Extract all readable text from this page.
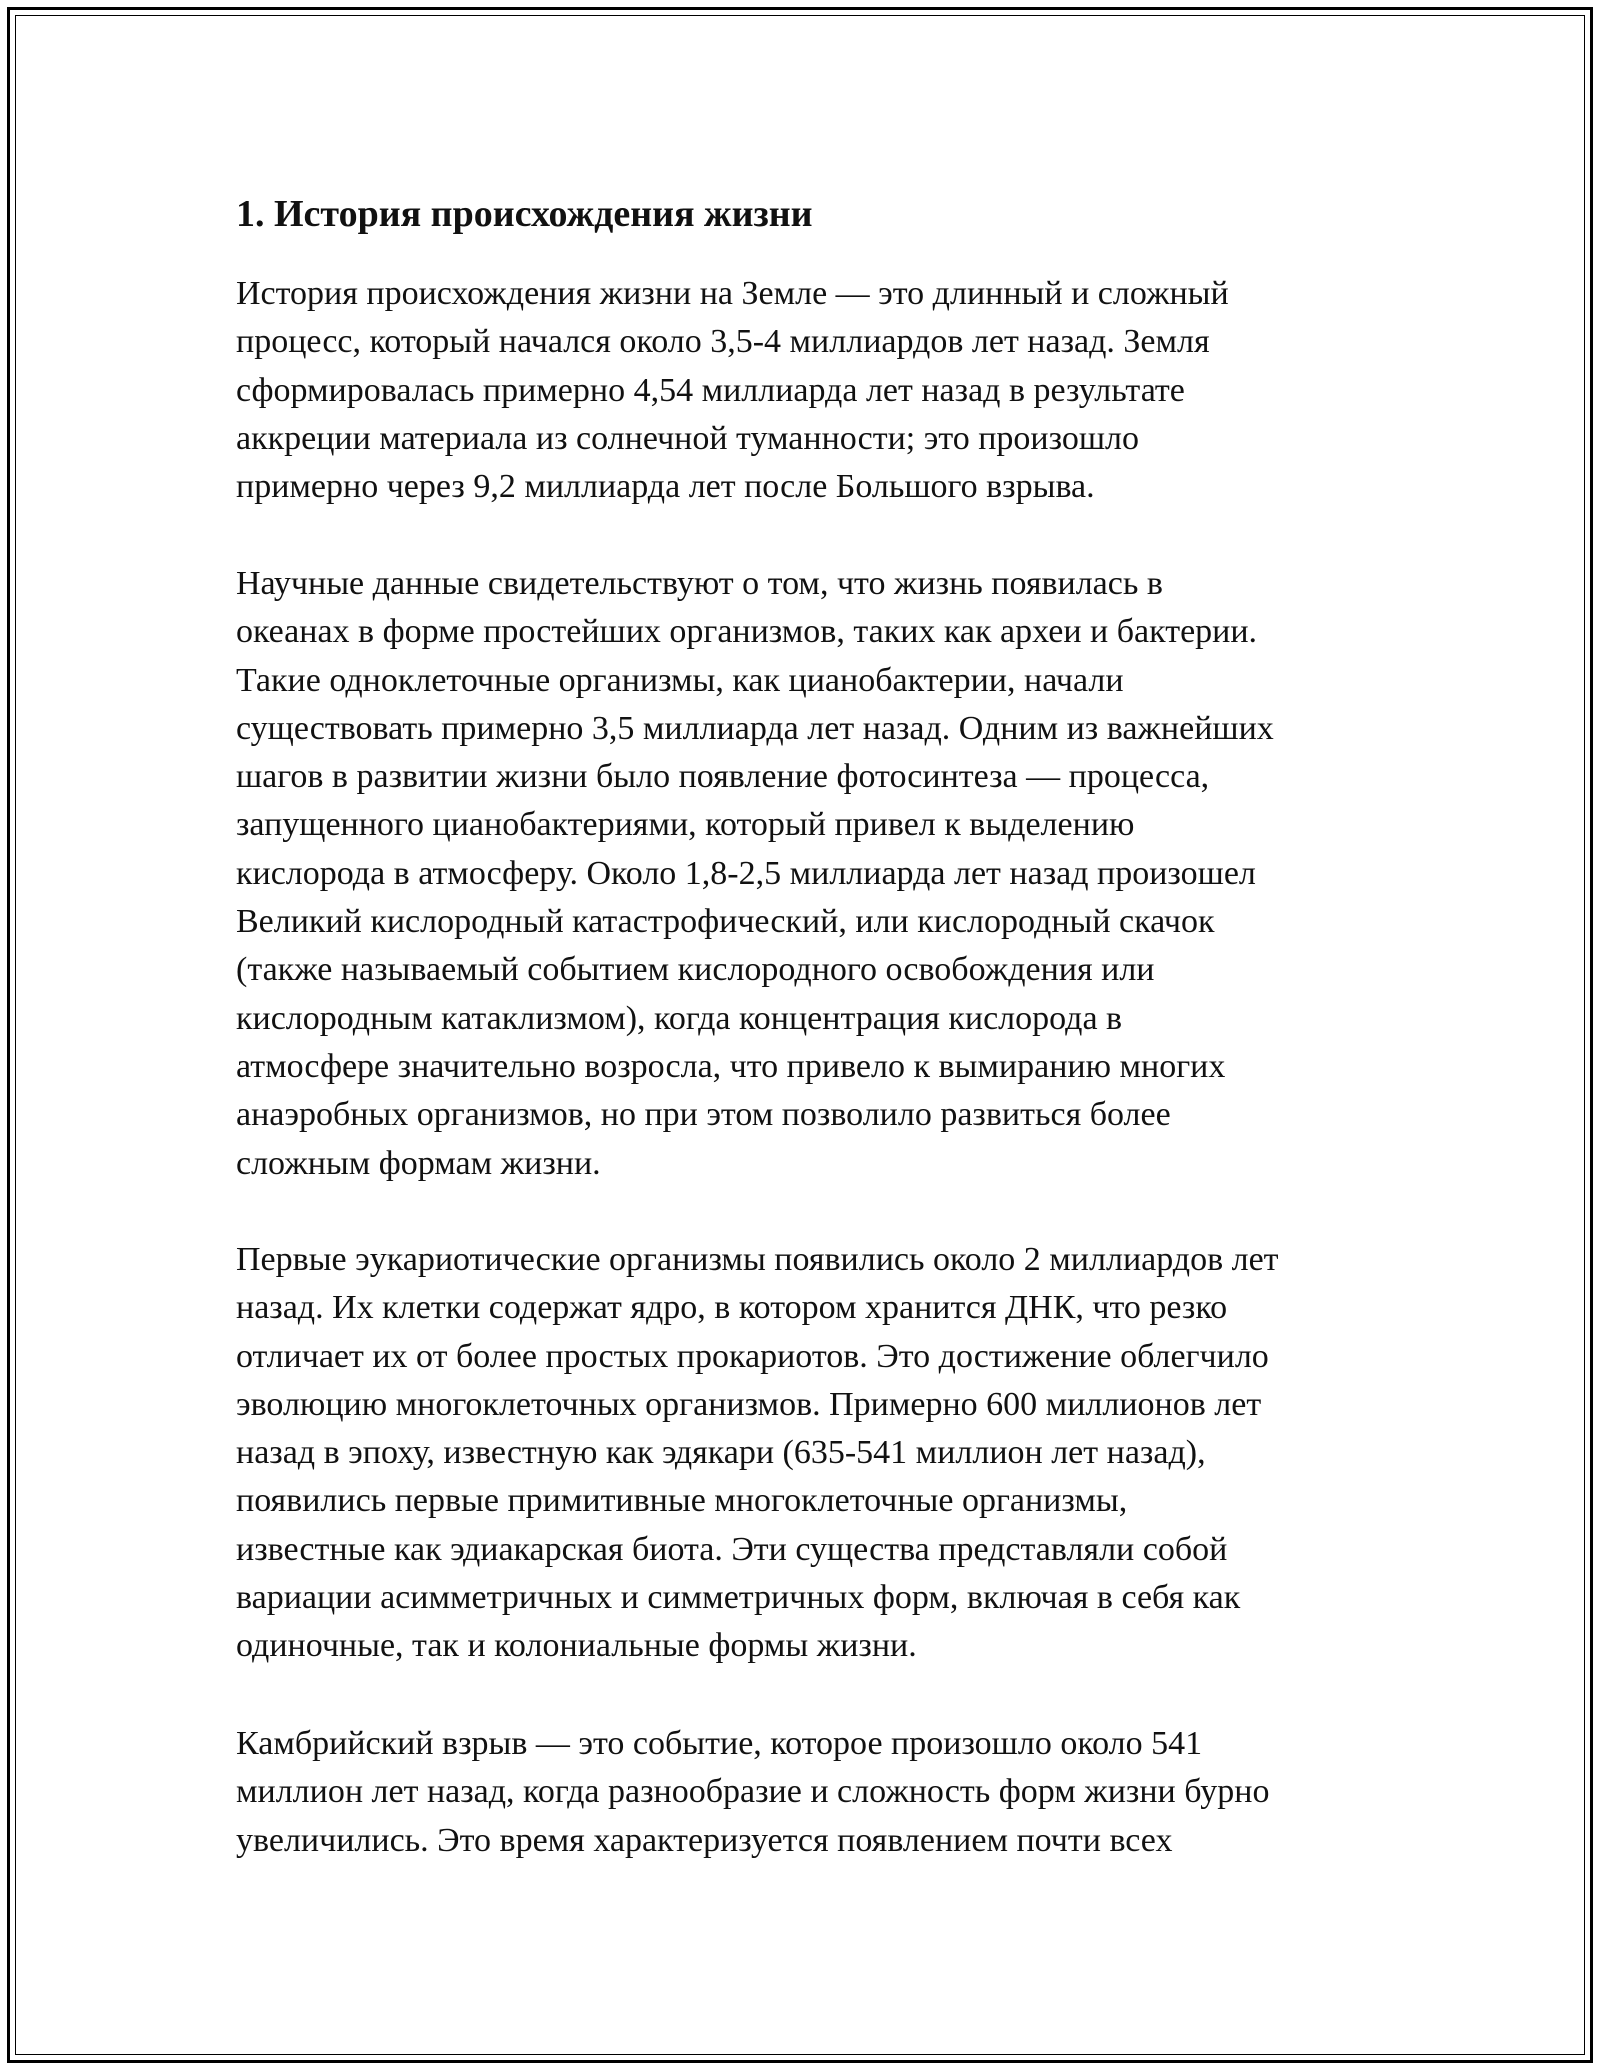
1. История происхождения жизни

История происхождения жизни на Земле — это длинный и сложный
процесс, который начался около 3,5-4 миллиардов лет назад. Земля
сформировалась примерно 4,54 миллиарда лет назад в результате
аккреции материала из солнечной туманности; это произошло
примерно через 9,2 миллиарда лет после Большого взрыва.

Научные данные свидетельствуют о том, что жизнь появилась в
океанах в форме простейших организмов, таких как археи и бактерии.
Такие одноклеточные организмы, как цианобактерии, начали
существовать примерно 3,5 миллиарда лет назад. Одним из важнейших
шагов в развитии жизни было появление фотосинтеза — процесса,
запущенного цианобактериями, который привел к выделению
кислорода в атмосферу. Около 1,8-2,5 миллиарда лет назад произошел
Великий кислородный катастрофический, или кислородный скачок
(также называемый событием кислородного освобождения или
кислородным катаклизмом), когда концентрация кислорода в
атмосфере значительно возросла, что привело к вымиранию многих
анаэробных организмов, но при этом позволило развиться более
сложным формам жизни.

Первые эукариотические организмы появились около 2 миллиардов лет
назад. Их клетки содержат ядро, в котором хранится ДНК, что резко
отличает их от более простых прокариотов. Это достижение облегчило
эволюцию многоклеточных организмов. Примерно 600 миллионов лет
назад в эпоху, известную как эдякари (635-541 миллион лет назад),
появились первые примитивные многоклеточные организмы,
известные как эдиакарская биота. Эти существа представляли собой
вариации асимметричных и симметричных форм, включая в себя как
одиночные, так и колониальные формы жизни.

Камбрийский взрыв — это событие, которое произошло около 541
миллион лет назад, когда разнообразие и сложность форм жизни бурно
увеличились. Это время характеризуется появлением почти всех
